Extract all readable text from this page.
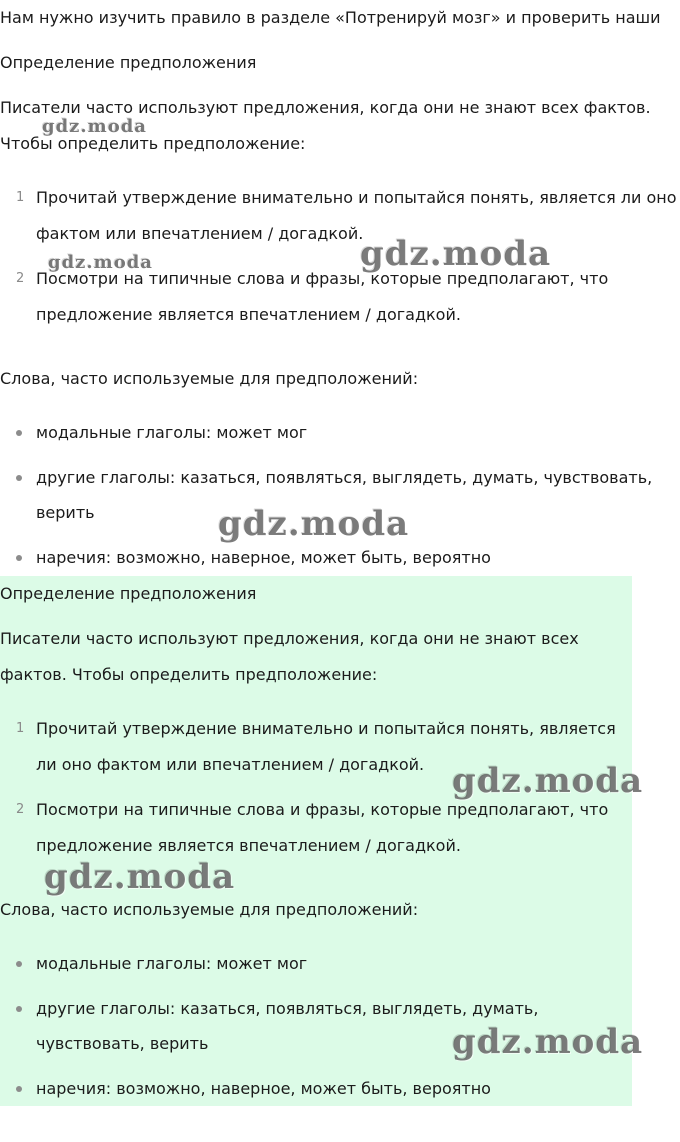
Нам нужно изучить правило в разделе «Потренируй мозг» и проверить наши
Определение предположения
Писатели часто используют предложения, когда они не знают всех фактов.
Чтобы определить предположение:
1 Прочитай утверждение внимательно и попытайся понять, является ли оно
фактом или впечатлением / догадкой.
2 Посмотри на типичные слова и фразы, которые предполагают, что
предложение является впечатлением / догадкой.
Слова, часто используемые для предположений:
модальные глаголы: может мог
другие глаголы: казаться, появляться, выглядеть, думать, чувствовать,
верить
наречия: возможно, наверное, может быть, вероятно
Определение предположения
Писатели часто используют предложения, когда они не знают всех
фактов. Чтобы определить предположение:
1 Прочитай утверждение внимательно и попытайся понять, является
ли оно фактом или впечатлением / догадкой.
2 Посмотри на типичные слова и фразы, которые предполагают, что
предложение является впечатлением / догадкой.
Слова, часто используемые для предположений:
модальные глаголы: может мог
другие глаголы: казаться, появляться, выглядеть, думать,
чувствовать, верить
наречия: возможно, наверное, может быть, вероятно
gdz.moda
gdz.moda
gdz.moda
gdz.moda
gdz.moda
gdz.moda
gdz.moda
